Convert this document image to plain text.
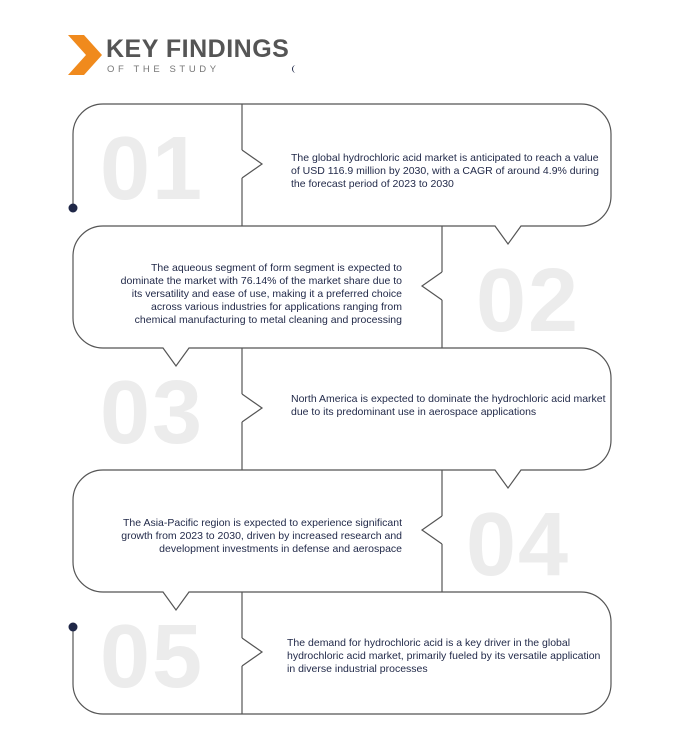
KEY FINDINGS
OF THE STUDY
01	The global hydrochloric acid market is anticipated to reach a value of USD 116.9 million by 2030, with a CAGR of around 4.9% during the forecast period of 2023 to 2030
02
The aqueous segment of form segment is expected to dominate the market with 76.14% of the market share due to its versatility and ease of use, making it a preferred choice across various industries for applications ranging from chemical manufacturing to metal cleaning and processing
03	North America is expected to dominate the hydrochloric acid market due to its predominant use in aerospace applications
04
The Asia-Pacific region is expected to experience significant growth from 2023 to 2030, driven by increased research and development investments in defense and aerospace
05	The demand for hydrochloric acid is a key driver in the global hydrochloric acid market, primarily fueled by its versatile application in diverse industrial processes
